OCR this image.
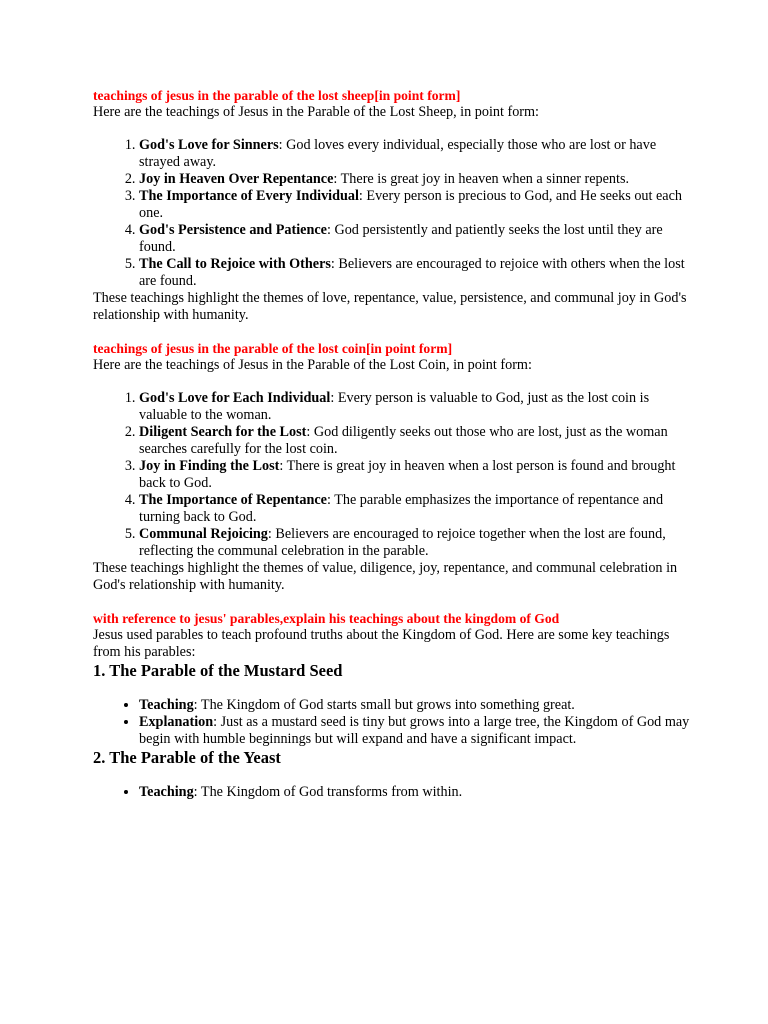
teachings of jesus in the parable of the lost sheep[in point form]

Here are the teachings of Jesus in the Parable of the Lost Sheep, in point form:

1. God's Love for Sinners: God loves every individual, especially those who are lost or have strayed away.
2. Joy in Heaven Over Repentance: There is great joy in heaven when a sinner repents.
3. The Importance of Every Individual: Every person is precious to God, and He seeks out each one.
4. God's Persistence and Patience: God persistently and patiently seeks the lost until they are found.
5. The Call to Rejoice with Others: Believers are encouraged to rejoice with others when the lost are found.

These teachings highlight the themes of love, repentance, value, persistence, and communal joy in God's relationship with humanity.

teachings of jesus in the parable of the lost coin[in point form]

Here are the teachings of Jesus in the Parable of the Lost Coin, in point form:

1. God's Love for Each Individual: Every person is valuable to God, just as the lost coin is valuable to the woman.
2. Diligent Search for the Lost: God diligently seeks out those who are lost, just as the woman searches carefully for the lost coin.
3. Joy in Finding the Lost: There is great joy in heaven when a lost person is found and brought back to God.
4. The Importance of Repentance: The parable emphasizes the importance of repentance and turning back to God.
5. Communal Rejoicing: Believers are encouraged to rejoice together when the lost are found, reflecting the communal celebration in the parable.

These teachings highlight the themes of value, diligence, joy, repentance, and communal celebration in God's relationship with humanity.

with reference to jesus' parables,explain his teachings about the kingdom of God

Jesus used parables to teach profound truths about the Kingdom of God. Here are some key teachings from his parables:

1. The Parable of the Mustard Seed
• Teaching: The Kingdom of God starts small but grows into something great.
• Explanation: Just as a mustard seed is tiny but grows into a large tree, the Kingdom of God may begin with humble beginnings but will expand and have a significant impact.
2. The Parable of the Yeast
• Teaching: The Kingdom of God transforms from within.
